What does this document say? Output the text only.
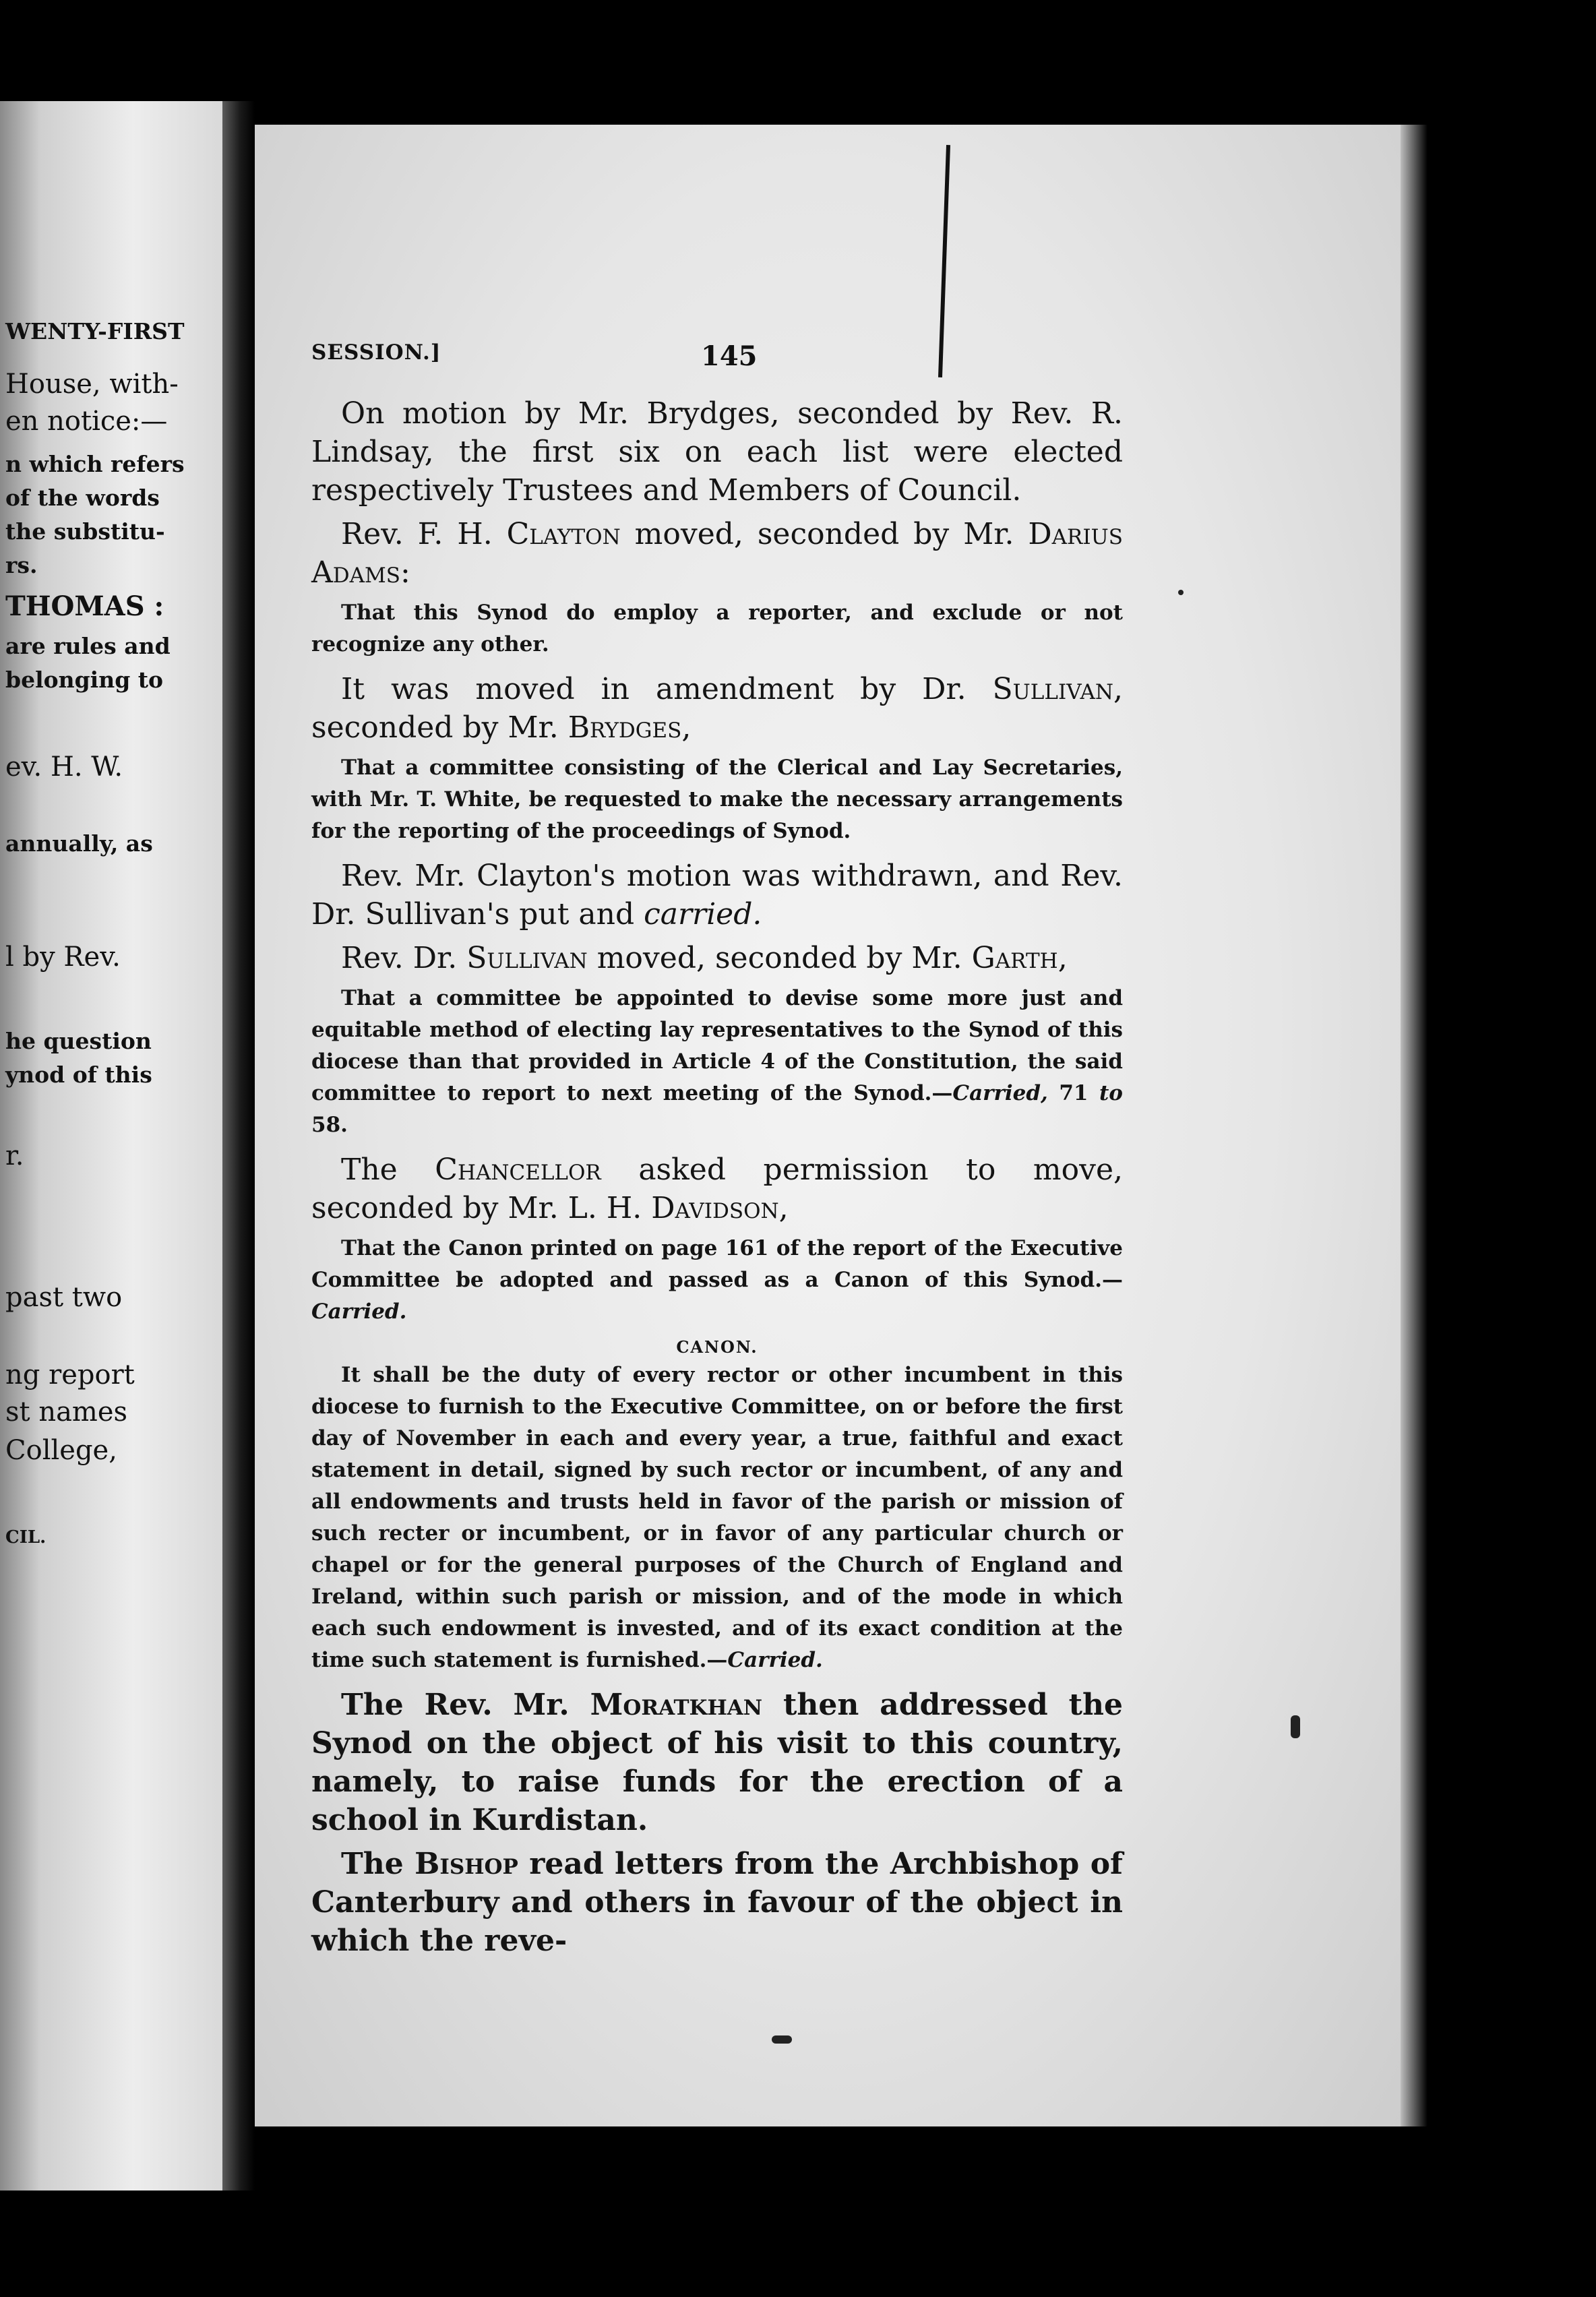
WENTY-FIRST
House, with-
en notice:—
n which refers
of the words
the substitu-
rs.
THOMAS :
are rules and
belonging to
ev. H. W.
annually, as
l by Rev.
he question
ynod of this
r.
past two
ng report
st names
College,
CIL.
SESSION.]	145

On motion by Mr. Brydges, seconded by Rev. R. Lindsay, the first six on each list were elected respectively Trustees and Members of Council.

Rev. F. H. Clayton moved, seconded by Mr. Darius Adams:

That this Synod do employ a reporter, and exclude or not recognize any other.

It was moved in amendment by Dr. Sullivan, seconded by Mr. Brydges,

That a committee consisting of the Clerical and Lay Secretaries, with Mr. T. White, be requested to make the necessary arrangements for the reporting of the proceedings of Synod.

Rev. Mr. Clayton's motion was withdrawn, and Rev. Dr. Sullivan's put and carried.

Rev. Dr. Sullivan moved, seconded by Mr. Garth,

That a committee be appointed to devise some more just and equitable method of electing lay representatives to the Synod of this diocese than that provided in Article 4 of the Constitution, the said committee to report to next meeting of the Synod.—Carried, 71 to 58.

The Chancellor asked permission to move, seconded by Mr. L. H. Davidson,

That the Canon printed on page 161 of the report of the Executive Committee be adopted and passed as a Canon of this Synod.—Carried.

CANON.

It shall be the duty of every rector or other incumbent in this diocese to furnish to the Executive Committee, on or before the first day of November in each and every year, a true, faithful and exact statement in detail, signed by such rector or incumbent, of any and all endowments and trusts held in favor of the parish or mission of such recter or incumbent, or in favor of any particular church or chapel or for the general purposes of the Church of England and Ireland, within such parish or mission, and of the mode in which each such endowment is invested, and of its exact condition at the time such statement is furnished.—Carried.

The Rev. Mr. Moratkhan then addressed the Synod on the object of his visit to this country, namely, to raise funds for the erection of a school in Kurdistan.

The Bishop read letters from the Archbishop of Canterbury and others in favour of the object in which the reve-
